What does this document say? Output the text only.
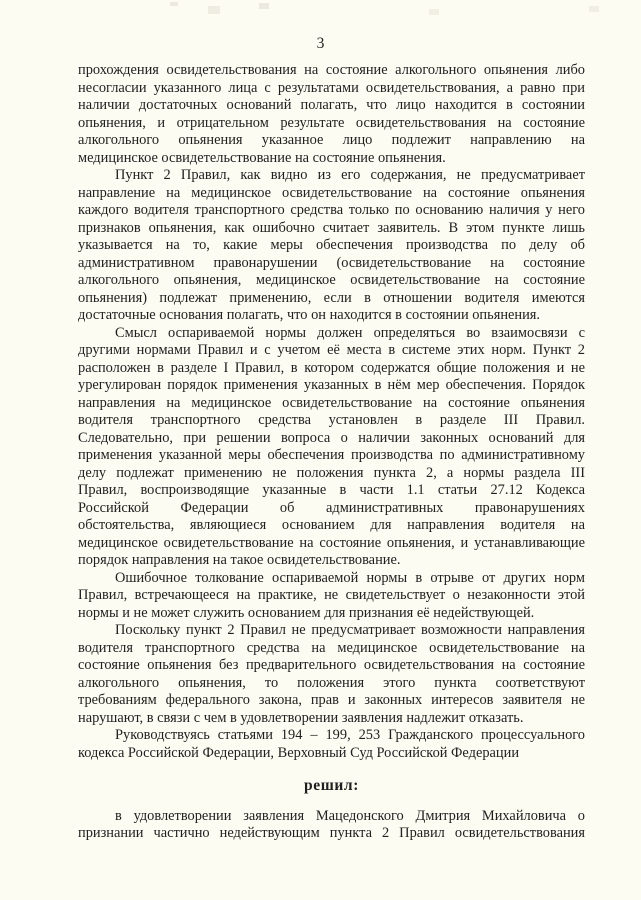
3
прохождения освидетельствования на состояние алкогольного опьянения либо
несогласии указанного лица с результатами освидетельствования, а равно при
наличии достаточных оснований полагать, что лицо находится в состоянии
опьянения, и отрицательном результате освидетельствования на состояние
алкогольного опьянения указанное лицо подлежит направлению на
медицинское освидетельствование на состояние опьянения.
Пункт 2 Правил, как видно из его содержания, не предусматривает
направление на медицинское освидетельствование на состояние опьянения
каждого водителя транспортного средства только по основанию наличия у него
признаков опьянения, как ошибочно считает заявитель. В этом пункте лишь
указывается на то, какие меры обеспечения производства по делу об
административном правонарушении (освидетельствование на состояние
алкогольного опьянения, медицинское освидетельствование на состояние
опьянения) подлежат применению, если в отношении водителя имеются
достаточные основания полагать, что он находится в состоянии опьянения.
Смысл оспариваемой нормы должен определяться во взаимосвязи с
другими нормами Правил и с учетом её места в системе этих норм. Пункт 2
расположен в разделе I Правил, в котором содержатся общие положения и не
урегулирован порядок применения указанных в нём мер обеспечения. Порядок
направления на медицинское освидетельствование на состояние опьянения
водителя транспортного средства установлен в разделе III Правил.
Следовательно, при решении вопроса о наличии законных оснований для
применения указанной меры обеспечения производства по административному
делу подлежат применению не положения пункта 2, а нормы раздела III
Правил, воспроизводящие указанные в части 1.1 статьи 27.12 Кодекса
Российской Федерации об административных правонарушениях
обстоятельства, являющиеся основанием для направления водителя на
медицинское освидетельствование на состояние опьянения, и устанавливающие
порядок направления на такое освидетельствование.
Ошибочное толкование оспариваемой нормы в отрыве от других норм
Правил, встречающееся на практике, не свидетельствует о незаконности этой
нормы и не может служить основанием для признания её недействующей.
Поскольку пункт 2 Правил не предусматривает возможности направления
водителя транспортного средства на медицинское освидетельствование на
состояние опьянения без предварительного освидетельствования на состояние
алкогольного опьянения, то положения этого пункта соответствуют
требованиям федерального закона, прав и законных интересов заявителя не
нарушают, в связи с чем в удовлетворении заявления надлежит отказать.
Руководствуясь статьями 194 – 199, 253 Гражданского процессуального
кодекса Российской Федерации, Верховный Суд Российской Федерации
решил:
в удовлетворении заявления Мацедонского Дмитрия Михайловича о
признании частично недействующим пункта 2 Правил освидетельствования
